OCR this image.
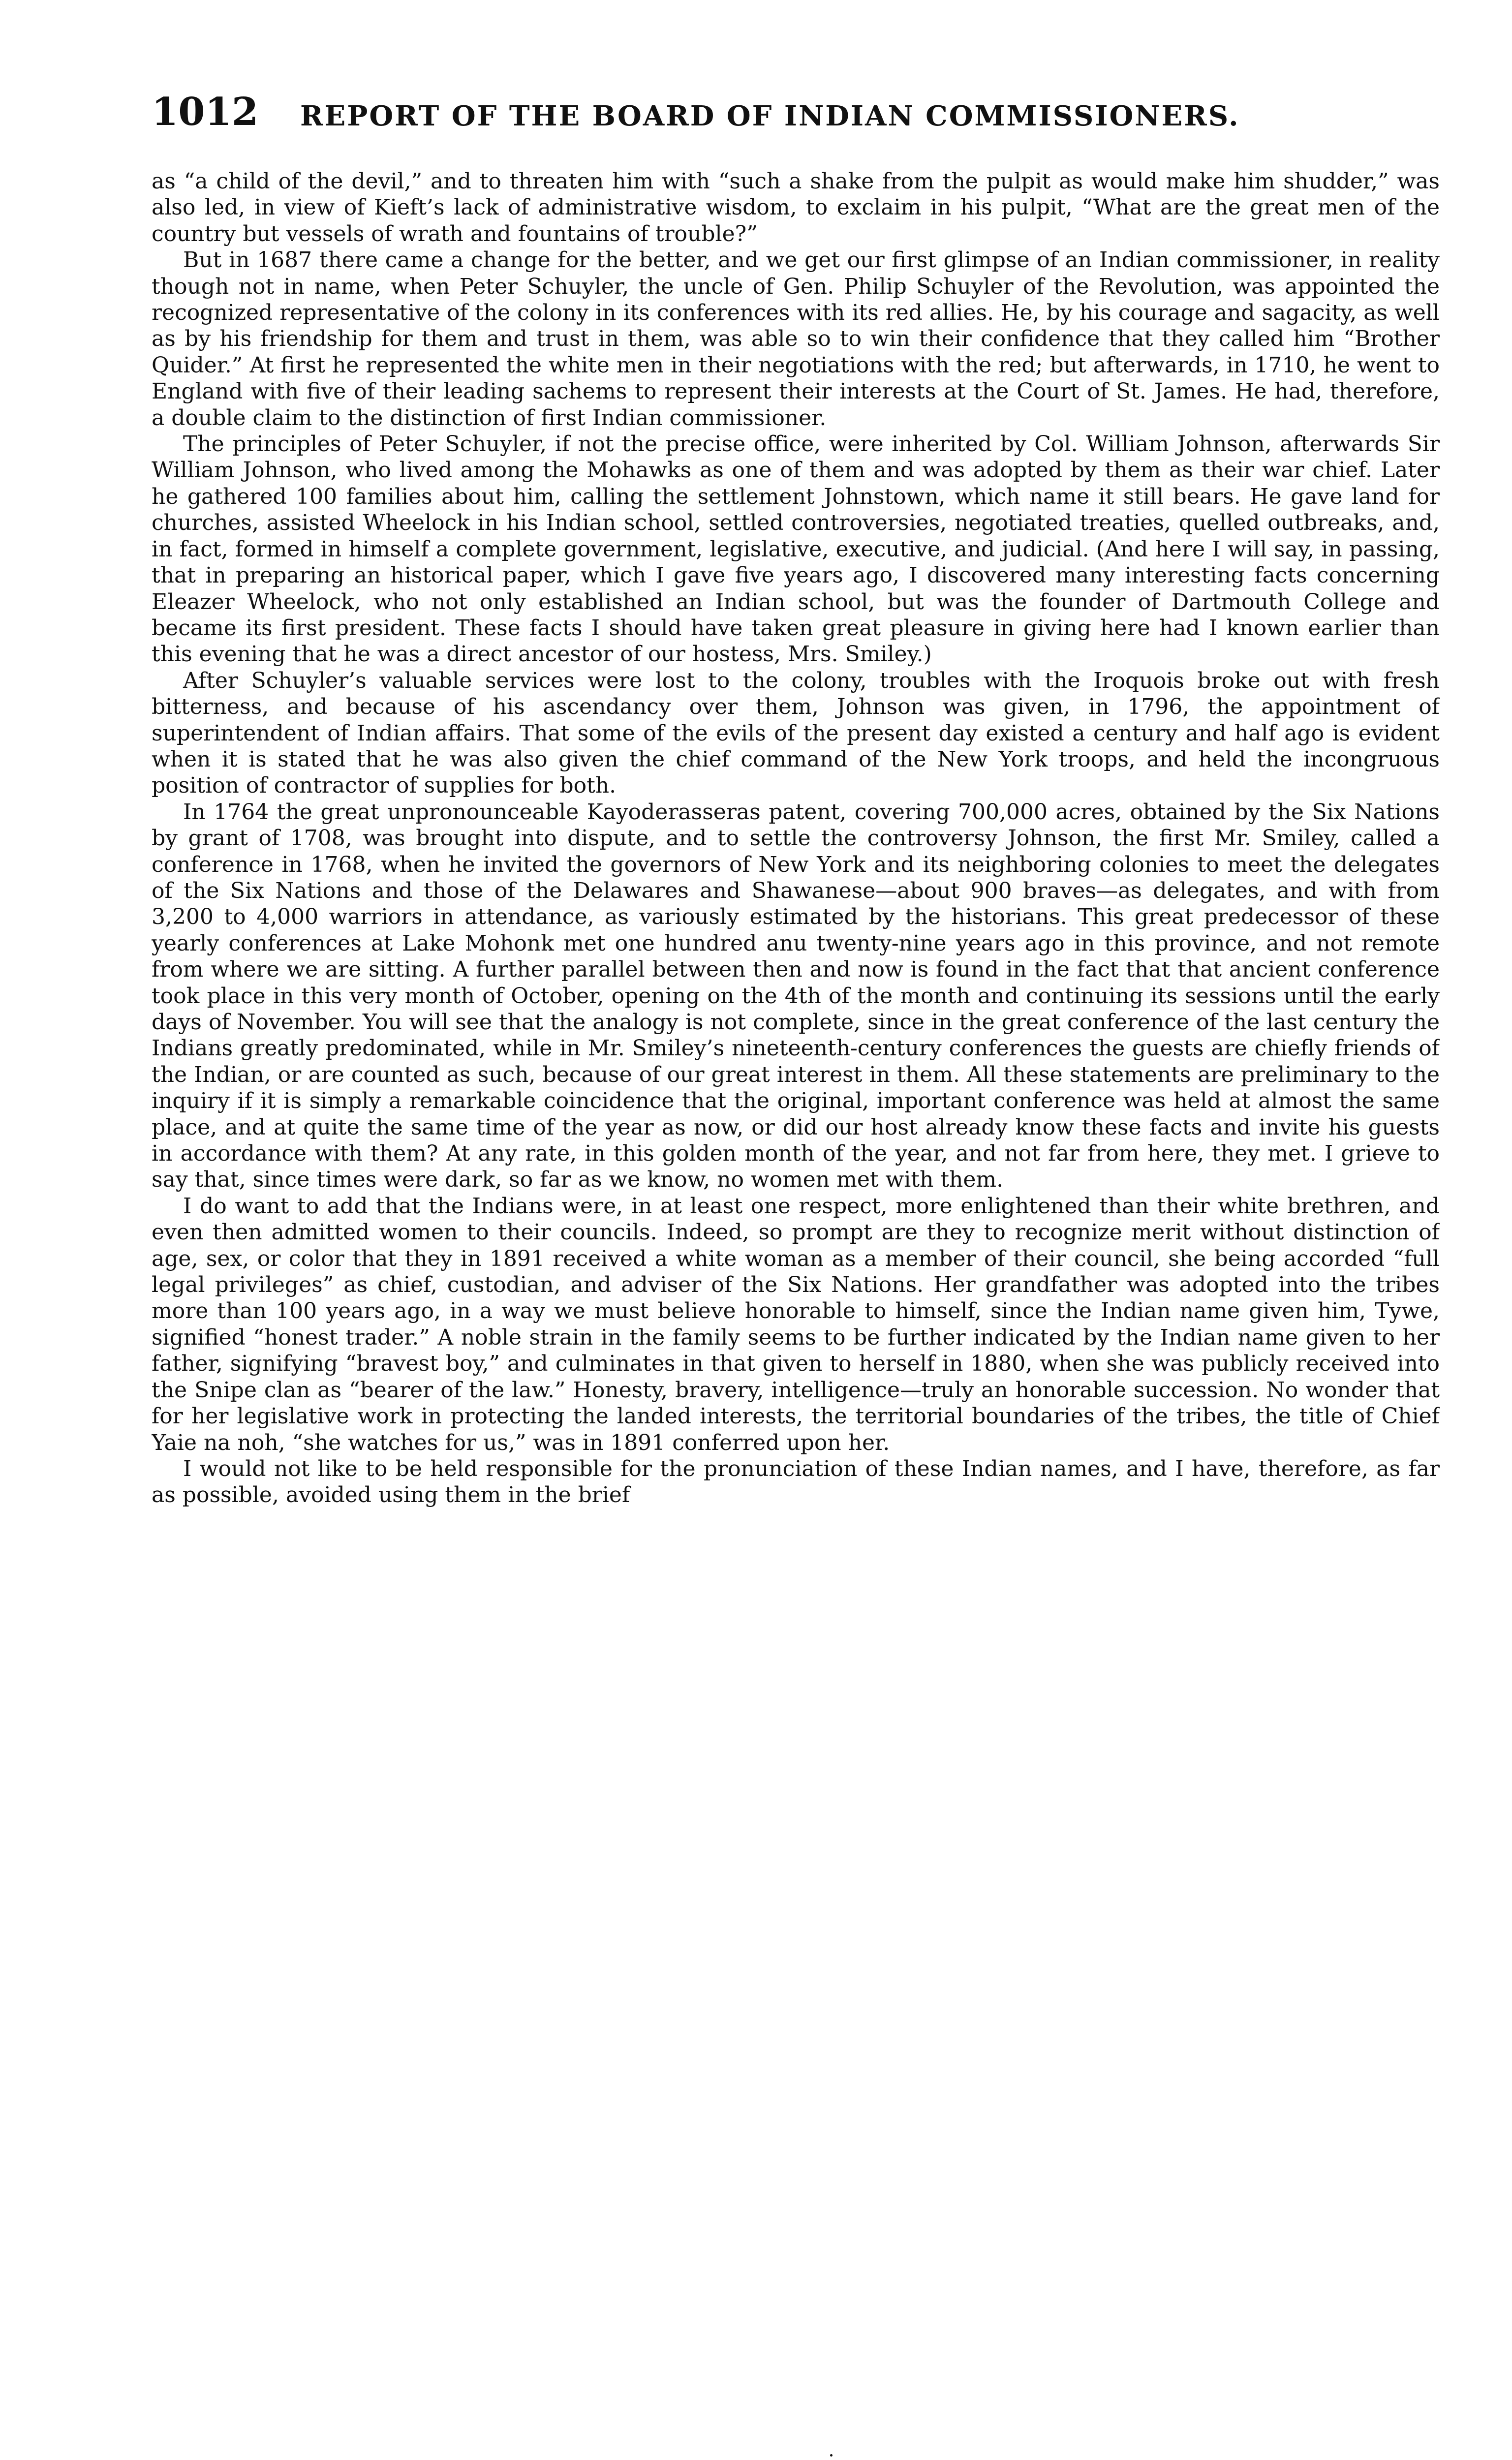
1012 REPORT OF THE BOARD OF INDIAN COMMISSIONERS.

as “a child of the devil,” and to threaten him with “such a shake from the pulpit as would make him shudder,” was also led, in view of Kieft’s lack of administrative wisdom, to exclaim in his pulpit, “What are the great men of the country but vessels of wrath and fountains of trouble?”

But in 1687 there came a change for the better, and we get our first glimpse of an Indian commissioner, in reality though not in name, when Peter Schuyler, the uncle of Gen. Philip Schuyler of the Revolution, was appointed the recognized representative of the colony in its conferences with its red allies. He, by his courage and sagacity, as well as by his friendship for them and trust in them, was able so to win their confidence that they called him “Brother Quider.” At first he represented the white men in their negotiations with the red; but afterwards, in 1710, he went to England with five of their leading sachems to represent their interests at the Court of St. James. He had, therefore, a double claim to the distinction of first Indian commissioner.

The principles of Peter Schuyler, if not the precise office, were inherited by Col. William Johnson, afterwards Sir William Johnson, who lived among the Mohawks as one of them and was adopted by them as their war chief. Later he gathered 100 families about him, calling the settlement Johnstown, which name it still bears. He gave land for churches, assisted Wheelock in his Indian school, settled controversies, negotiated treaties, quelled outbreaks, and, in fact, formed in himself a complete government, legislative, executive, and judicial. (And here I will say, in passing, that in preparing an historical paper, which I gave five years ago, I discovered many interesting facts concerning Eleazer Wheelock, who not only established an Indian school, but was the founder of Dartmouth College and became its first president. These facts I should have taken great pleasure in giving here had I known earlier than this evening that he was a direct ancestor of our hostess, Mrs. Smiley.)

After Schuyler’s valuable services were lost to the colony, troubles with the Iroquois broke out with fresh bitterness, and because of his ascendancy over them, Johnson was given, in 1796, the appointment of superintendent of Indian affairs. That some of the evils of the present day existed a century and half ago is evident when it is stated that he was also given the chief command of the New York troops, and held the incongruous position of contractor of supplies for both.

In 1764 the great unpronounceable Kayoderasseras patent, covering 700,000 acres, obtained by the Six Nations by grant of 1708, was brought into dispute, and to settle the controversy Johnson, the first Mr. Smiley, called a conference in 1768, when he invited the governors of New York and its neighboring colonies to meet the delegates of the Six Nations and those of the Delawares and Shawanese—about 900 braves—as delegates, and with from 3,200 to 4,000 warriors in attendance, as variously estimated by the historians. This great predecessor of these yearly conferences at Lake Mohonk met one hundred anu twenty-nine years ago in this province, and not remote from where we are sitting. A further parallel between then and now is found in the fact that that ancient conference took place in this very month of October, opening on the 4th of the month and continuing its sessions until the early days of November. You will see that the analogy is not complete, since in the great conference of the last century the Indians greatly predominated, while in Mr. Smiley’s nineteenth-century conferences the guests are chiefly friends of the Indian, or are counted as such, because of our great interest in them. All these statements are preliminary to the inquiry if it is simply a remarkable coincidence that the original, important conference was held at almost the same place, and at quite the same time of the year as now, or did our host already know these facts and invite his guests in accordance with them? At any rate, in this golden month of the year, and not far from here, they met. I grieve to say that, since times were dark, so far as we know, no women met with them.

I do want to add that the Indians were, in at least one respect, more enlightened than their white brethren, and even then admitted women to their councils. Indeed, so prompt are they to recognize merit without distinction of age, sex, or color that they in 1891 received a white woman as a member of their council, she being accorded “full legal privileges” as chief, custodian, and adviser of the Six Nations. Her grandfather was adopted into the tribes more than 100 years ago, in a way we must believe honorable to himself, since the Indian name given him, Tywe, signified “honest trader.” A noble strain in the family seems to be further indicated by the Indian name given to her father, signifying “bravest boy,” and culminates in that given to herself in 1880, when she was publicly received into the Snipe clan as “bearer of the law.” Honesty, bravery, intelligence—truly an honorable succession. No wonder that for her legislative work in protecting the landed interests, the territorial boundaries of the tribes, the title of Chief Yaie na noh, “she watches for us,” was in 1891 conferred upon her.

I would not like to be held responsible for the pronunciation of these Indian names, and I have, therefore, as far as possible, avoided using them in the brief
